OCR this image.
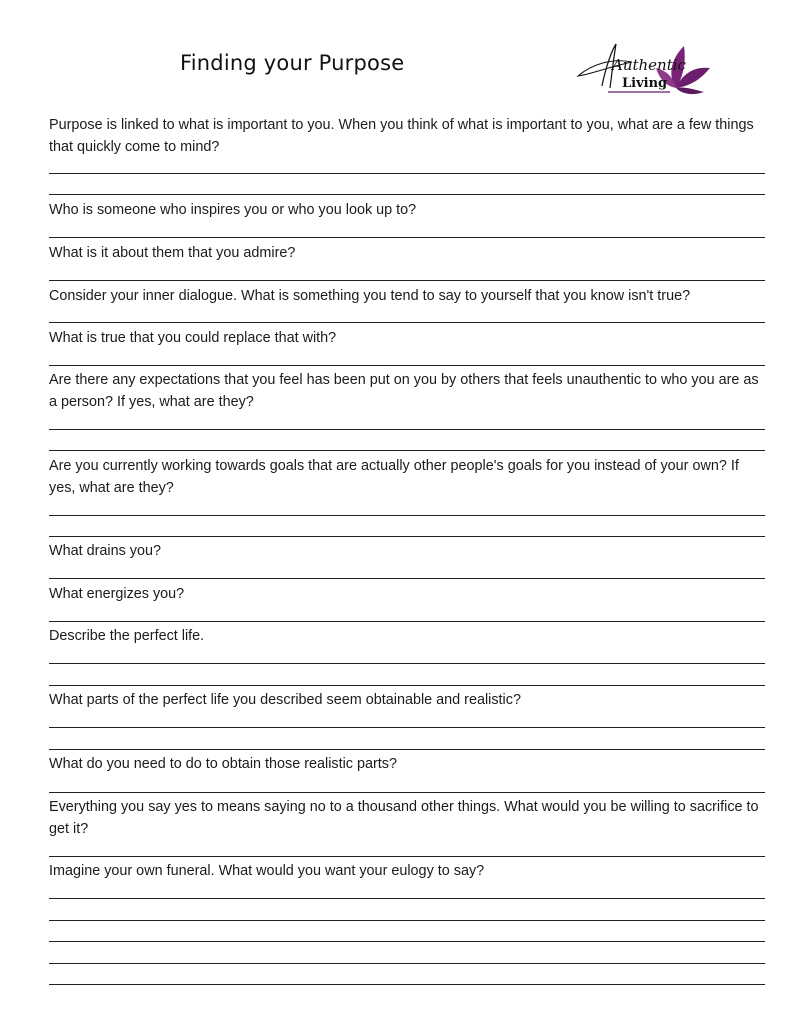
Finding your Purpose	Authentic
Living
Purpose is linked to what is important to you. When you think of what is important to you, what are a few things that quickly come to mind?
Who is someone who inspires you or who you look up to?
What is it about them that you admire?
Consider your inner dialogue. What is something you tend to say to yourself that you know isn't true?
What is true that you could replace that with?
Are there any expectations that you feel has been put on you by others that feels unauthentic to who you are as a person? If yes, what are they?
Are you currently working towards goals that are actually other people's goals for you instead of your own? If yes, what are they?
What drains you?
What energizes you?
Describe the perfect life.
What parts of the perfect life you described seem obtainable and realistic?
What do you need to do to obtain those realistic parts?
Everything you say yes to means saying no to a thousand other things. What would you be willing to sacrifice to get it?
Imagine your own funeral. What would you want your eulogy to say?
